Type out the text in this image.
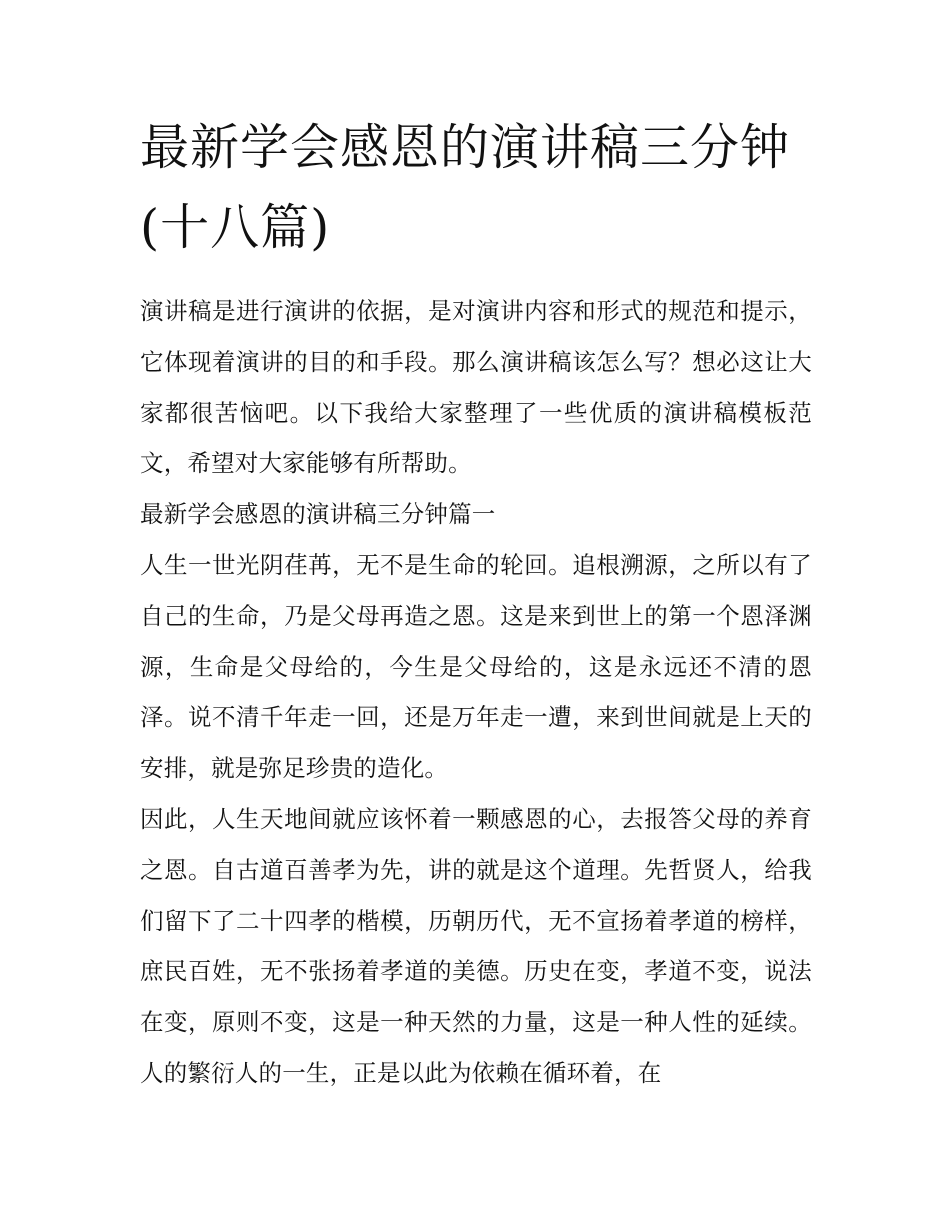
最新学会感恩的演讲稿三分钟(十八篇)

演讲稿是进行演讲的依据，是对演讲内容和形式的规范和提示，它体现着演讲的目的和手段。那么演讲稿该怎么写？想必这让大家都很苦恼吧。以下我给大家整理了一些优质的演讲稿模板范文，希望对大家能够有所帮助。

最新学会感恩的演讲稿三分钟篇一

人生一世光阴荏苒，无不是生命的轮回。追根溯源，之所以有了自己的生命，乃是父母再造之恩。这是来到世上的第一个恩泽渊源，生命是父母给的，今生是父母给的，这是永远还不清的恩泽。说不清千年走一回，还是万年走一遭，来到世间就是上天的安排，就是弥足珍贵的造化。

因此，人生天地间就应该怀着一颗感恩的心，去报答父母的养育之恩。自古道百善孝为先，讲的就是这个道理。先哲贤人，给我们留下了二十四孝的楷模，历朝历代，无不宣扬着孝道的榜样，庶民百姓，无不张扬着孝道的美德。历史在变，孝道不变，说法在变，原则不变，这是一种天然的力量，这是一种人性的延续。人的繁衍人的一生，正是以此为依赖在循环着，在
